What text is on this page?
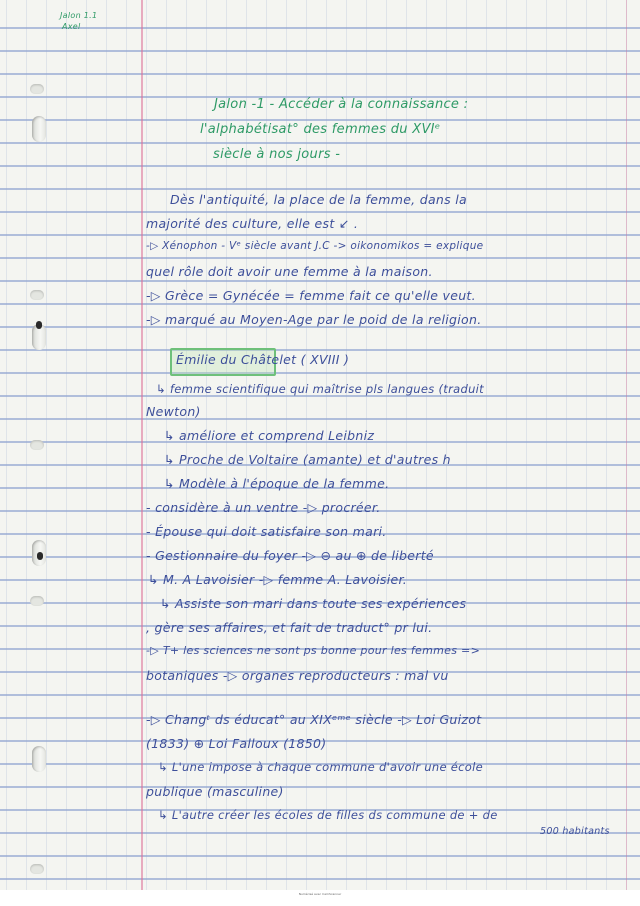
Jalon 1.1
Axel
Jalon -1 - Accéder à la connaissance :
l'alphabétisat° des femmes du XVIᵉ
siècle à nos jours -
Dès l'antiquité, la place de la femme, dans la
majorité des culture, elle est ↙ .
-▷ Xénophon - Vᵉ siècle avant J.C -> oikonomikos = explique
quel rôle doit avoir une femme à la maison.
-▷ Grèce = Gynécée = femme fait ce qu'elle veut.
-▷ marqué au Moyen-Age par le poid de la religion.
Émilie du Châtelet ( XVIII )
↳ femme scientifique qui maîtrise pls langues (traduit
Newton)
↳ améliore et comprend Leibniz
↳ Proche de Voltaire (amante) et d'autres h
↳ Modèle à l'époque de la femme.
- considère à un ventre -▷ procréer.
- Épouse qui doit satisfaire son mari.
- Gestionnaire du foyer -▷ ⊖ au ⊕ de liberté
↳ M. A Lavoisier -▷ femme A. Lavoisier.
↳ Assiste son mari dans toute ses expériences
, gère ses affaires, et fait de traduct° pr lui.
-▷ T+ les sciences ne sont ps bonne pour les femmes =>
botaniques -▷ organes reproducteurs : mal vu
-▷ Changᵗ ds éducat° au XIXᵉᵐᵉ siècle -▷ Loi Guizot
(1833) ⊕ Loi Falloux (1850)
↳ L'une impose à chaque commune d'avoir une école
publique (masculine)
↳ L'autre créer les écoles de filles ds commune de + de
500 habitants
Numérisé avec CamScanner
